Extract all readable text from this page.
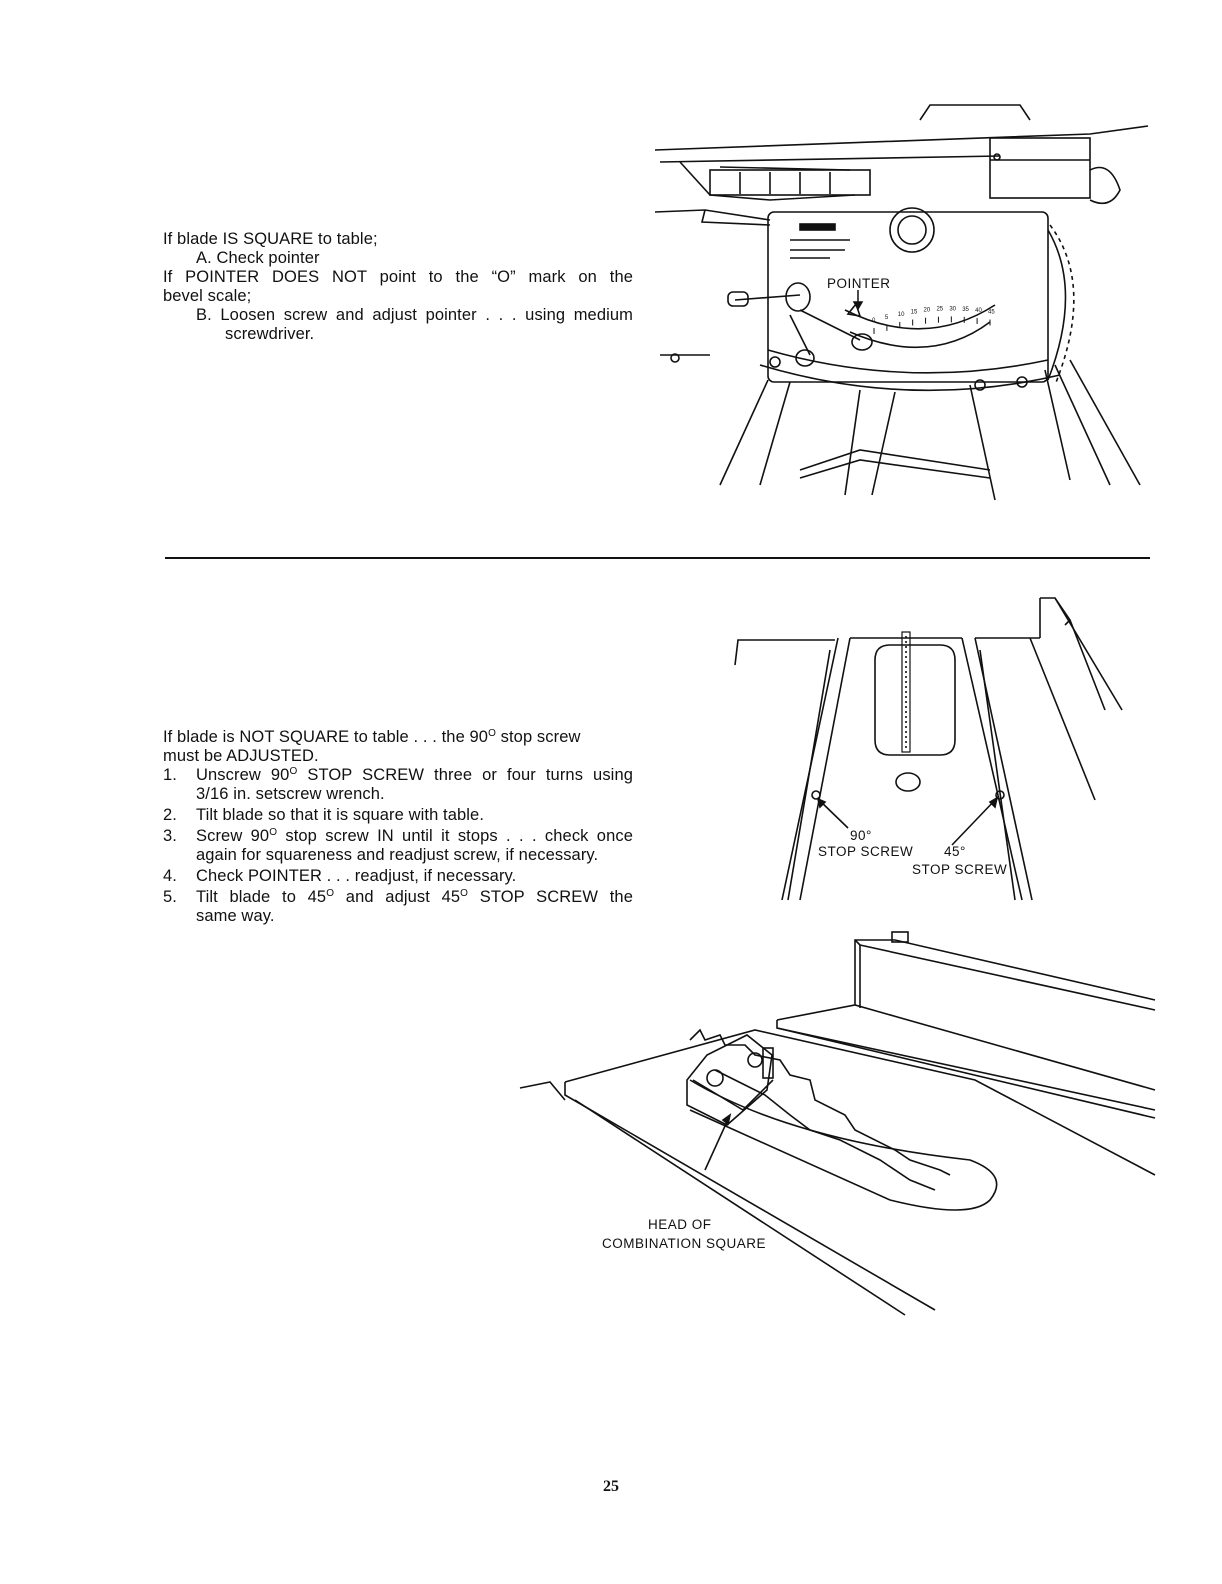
If blade IS SQUARE to table;
A. Check pointer
If POINTER DOES NOT point to the “O” mark on the
bevel scale;
B. Loosen screw and adjust pointer . . . using medium
screwdriver.
0
5 10 15 20 25 30 35 40 45
POINTER
If blade is NOT SQUARE to table . . . the $90^O$ stop screw
must be ADJUSTED.
1. Unscrew $90^O$ STOP SCREW three or four turns using
3/16 in. setscrew wrench.
2. Tilt blade so that it is square with table.
3. Screw $90^O$ stop screw IN until it stops . . . check once
again for squareness and readjust screw, if necessary.
4. Check POINTER . . . readjust, if necessary.
5. Tilt blade to $45^O$ and adjust $45^O$ STOP SCREW the
same way.
90°
STOP SCREW 45°
STOP SCREW
HEAD OF
COMBINATION SQUARE
25
